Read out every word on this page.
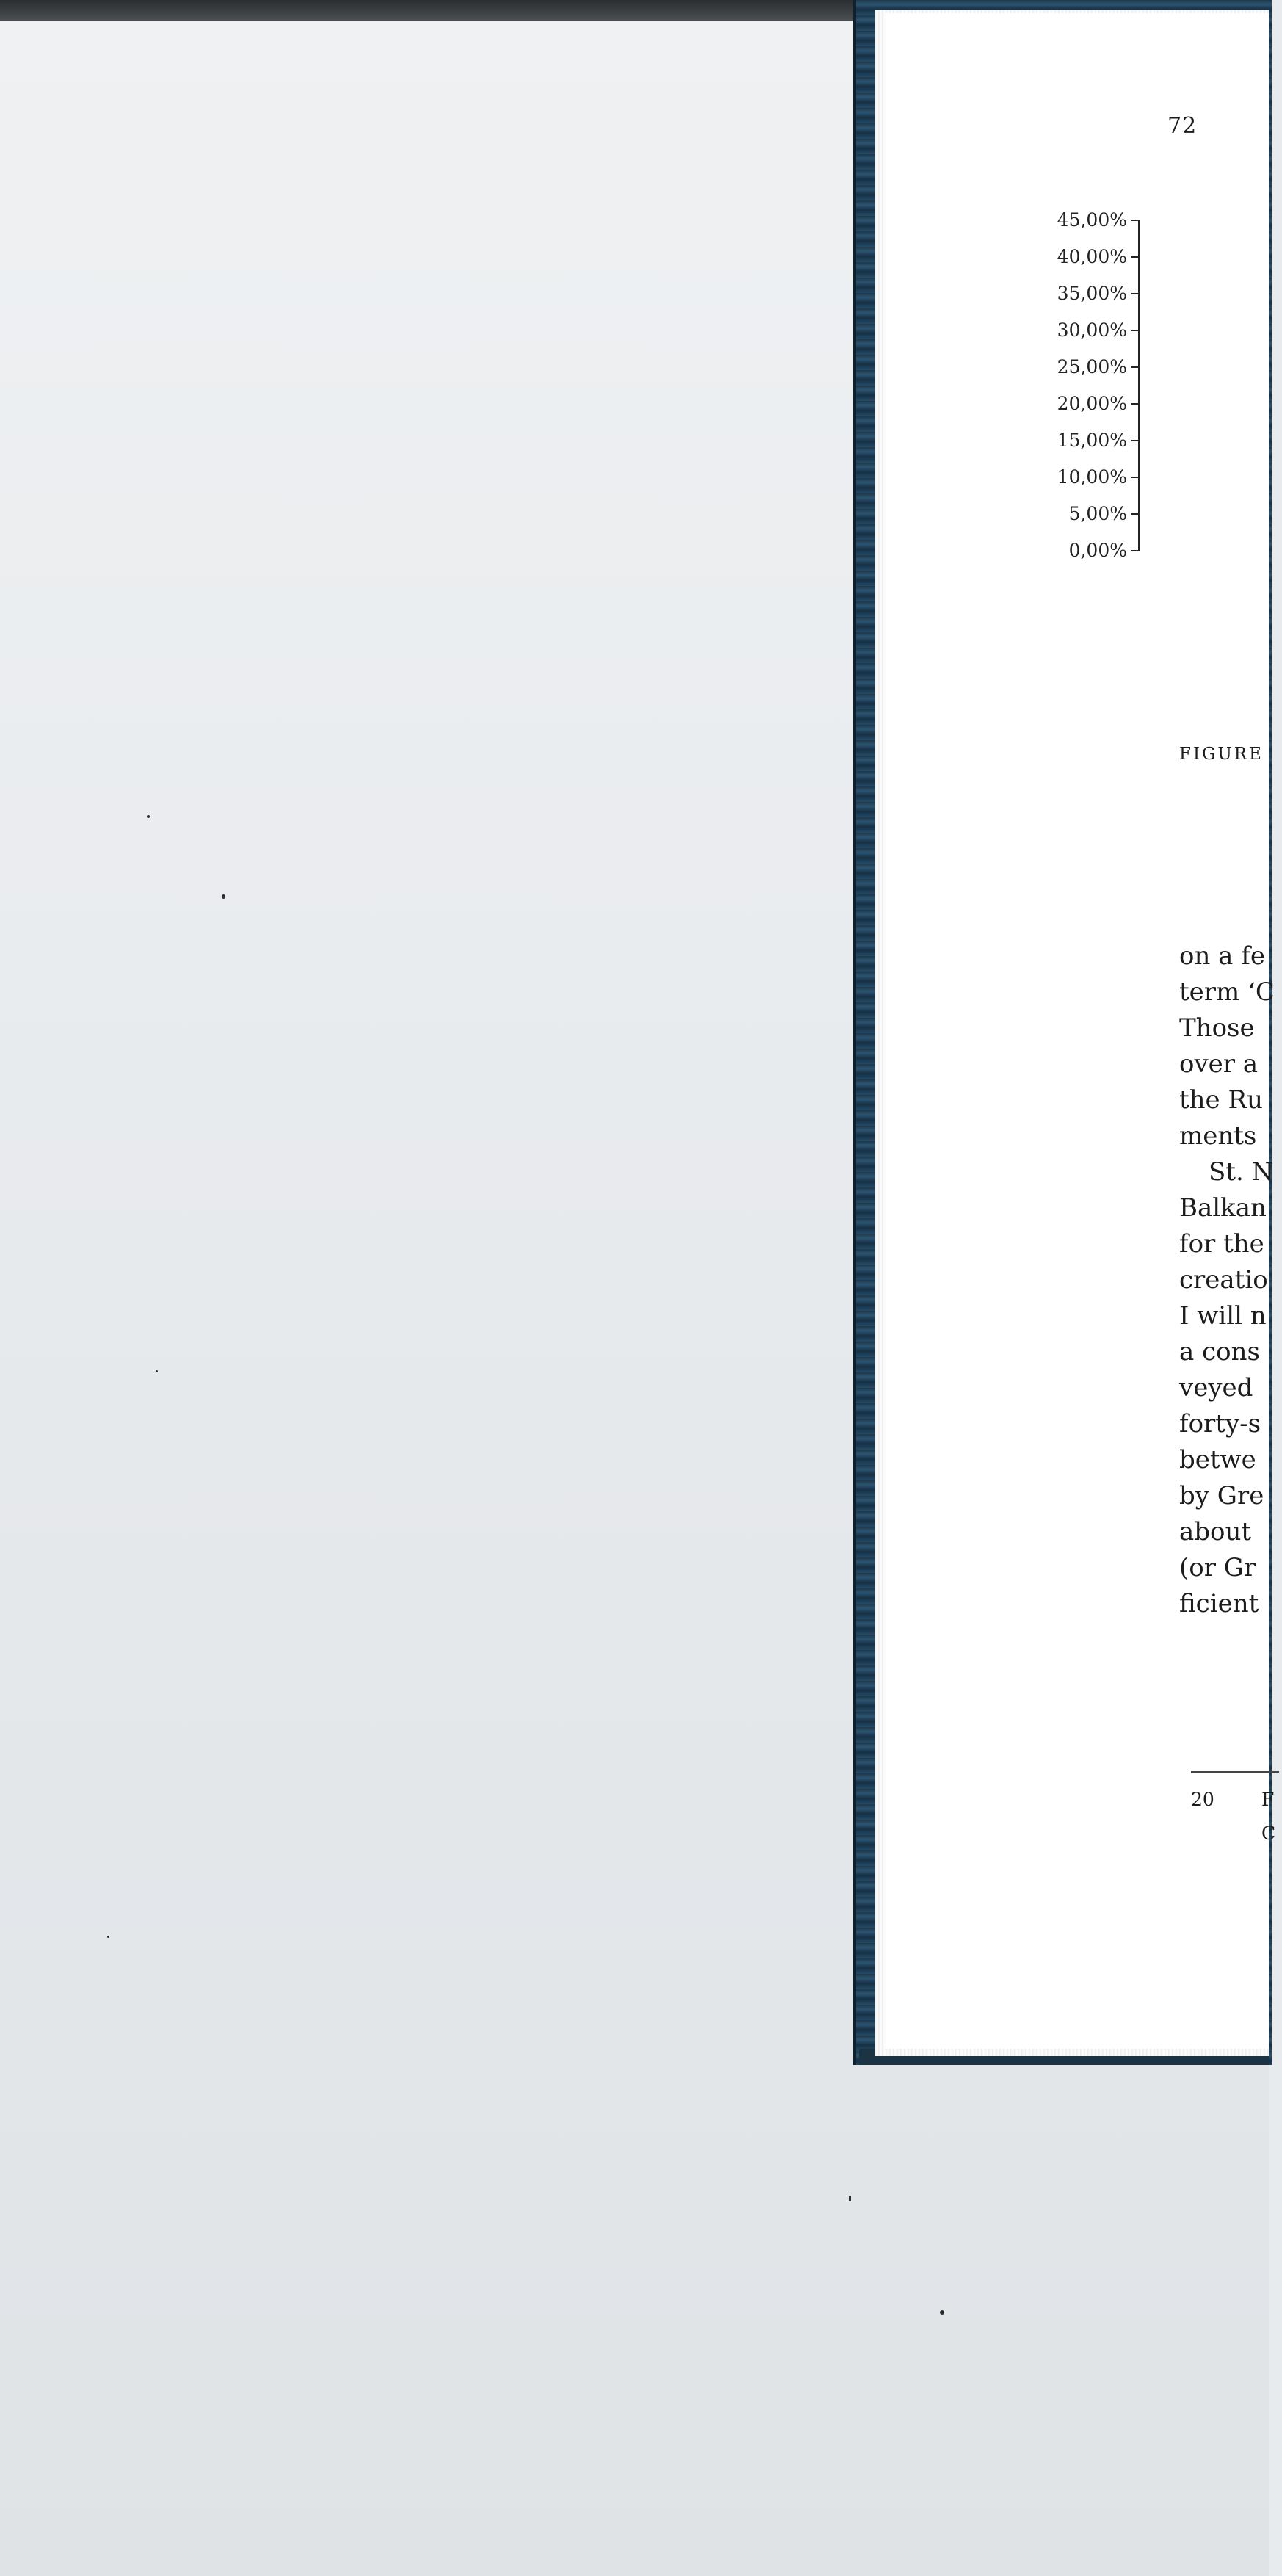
72
45,00%
40,00%
35,00%
30,00%
25,00%
20,00%
15,00%
10,00%
5,00%
0,00%
FIGURE
on a fe
term ‘C
Those
over a
the Ru
ments
St. N
Balkan
for the
creatio
I will n
a cons
veyed
forty-s
betwe
by Gre
about
(or Gr
ficient
20	F
C
